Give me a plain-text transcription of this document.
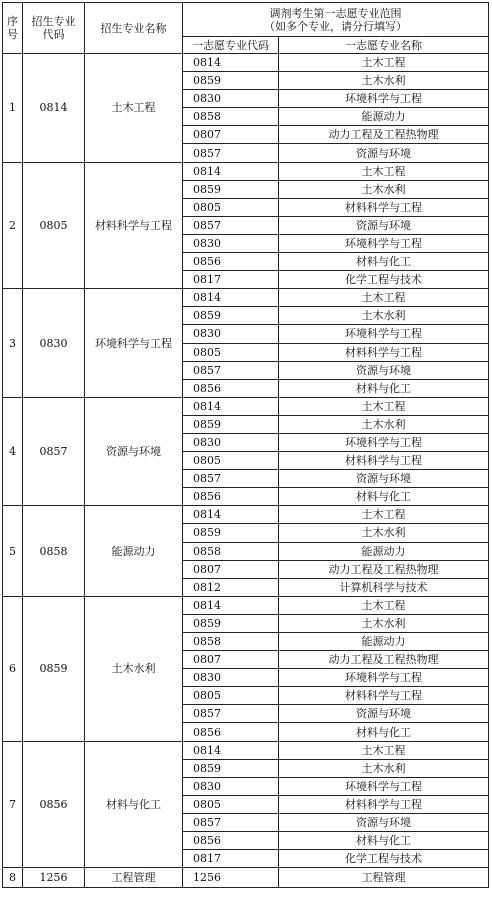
序号	招生专业代码	招生专业名称	调剂考生第一志愿专业范围
（如多个专业，请分行填写）	

			一志愿专业代码	一志愿专业名称
1	0814	土木工程	0814	土木工程
			0859	土木水利
			0830	环境科学与工程
			0858	能源动力
			0807	动力工程及工程热物理
			0857	资源与环境
2	0805	材料科学与工程	0814	土木工程
			0859	土木水利
			0805	材料科学与工程
			0857	资源与环境
			0830	环境科学与工程
			0856	材料与化工
			0817	化学工程与技术
3	0830	环境科学与工程	0814	土木工程
			0859	土木水利
			0830	环境科学与工程
			0805	材料科学与工程
			0857	资源与环境
			0856	材料与化工
4	0857	资源与环境	0814	土木工程
			0859	土木水利
			0830	环境科学与工程
			0805	材料科学与工程
			0857	资源与环境
			0856	材料与化工
5	0858	能源动力	0814	土木工程
			0859	土木水利
			0858	能源动力
			0807	动力工程及工程热物理
			0812	计算机科学与技术
6	0859	土木水利	0814	土木工程
			0859	土木水利
			0858	能源动力
			0807	动力工程及工程热物理
			0830	环境科学与工程
			0805	材料科学与工程
			0857	资源与环境
			0856	材料与化工
7	0856	材料与化工	0814	土木工程
			0859	土木水利
			0830	环境科学与工程
			0805	材料科学与工程
			0857	资源与环境
			0856	材料与化工
			0817	化学工程与技术
8	1256	工程管理	1256	工程管理
